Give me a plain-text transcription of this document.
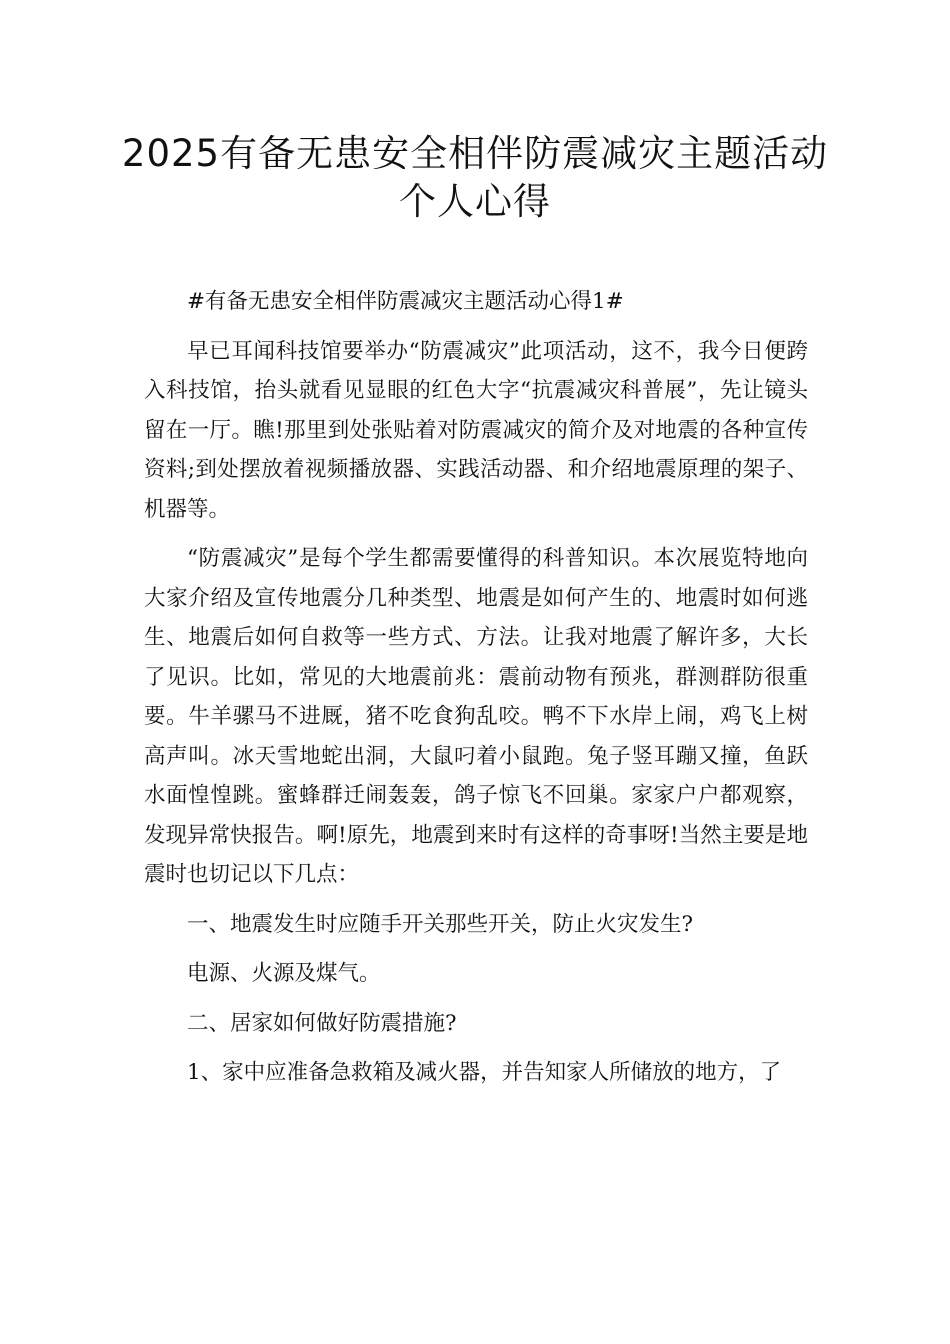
2025有备无患安全相伴防震减灾主题活动个人心得

#有备无患安全相伴防震减灾主题活动心得1#

早已耳闻科技馆要举办“防震减灾”此项活动，这不，我今日便跨入科技馆，抬头就看见显眼的红色大字“抗震减灾科普展”，先让镜头留在一厅。瞧!那里到处张贴着对防震减灾的简介及对地震的各种宣传资料;到处摆放着视频播放器、实践活动器、和介绍地震原理的架子、机器等。

“防震减灾”是每个学生都需要懂得的科普知识。本次展览特地向大家介绍及宣传地震分几种类型、地震是如何产生的、地震时如何逃生、地震后如何自救等一些方式、方法。让我对地震了解许多，大长了见识。比如，常见的大地震前兆：震前动物有预兆，群测群防很重要。牛羊骡马不进厩，猪不吃食狗乱咬。鸭不下水岸上闹，鸡飞上树高声叫。冰天雪地蛇出洞，大鼠叼着小鼠跑。兔子竖耳蹦又撞，鱼跃水面惶惶跳。蜜蜂群迁闹轰轰，鸽子惊飞不回巢。家家户户都观察，发现异常快报告。啊!原先，地震到来时有这样的奇事呀!当然主要是地震时也切记以下几点：

一、地震发生时应随手开关那些开关，防止火灾发生?

电源、火源及煤气。

二、居家如何做好防震措施?

1、家中应准备急救箱及减火器，并告知家人所储放的地方，了
